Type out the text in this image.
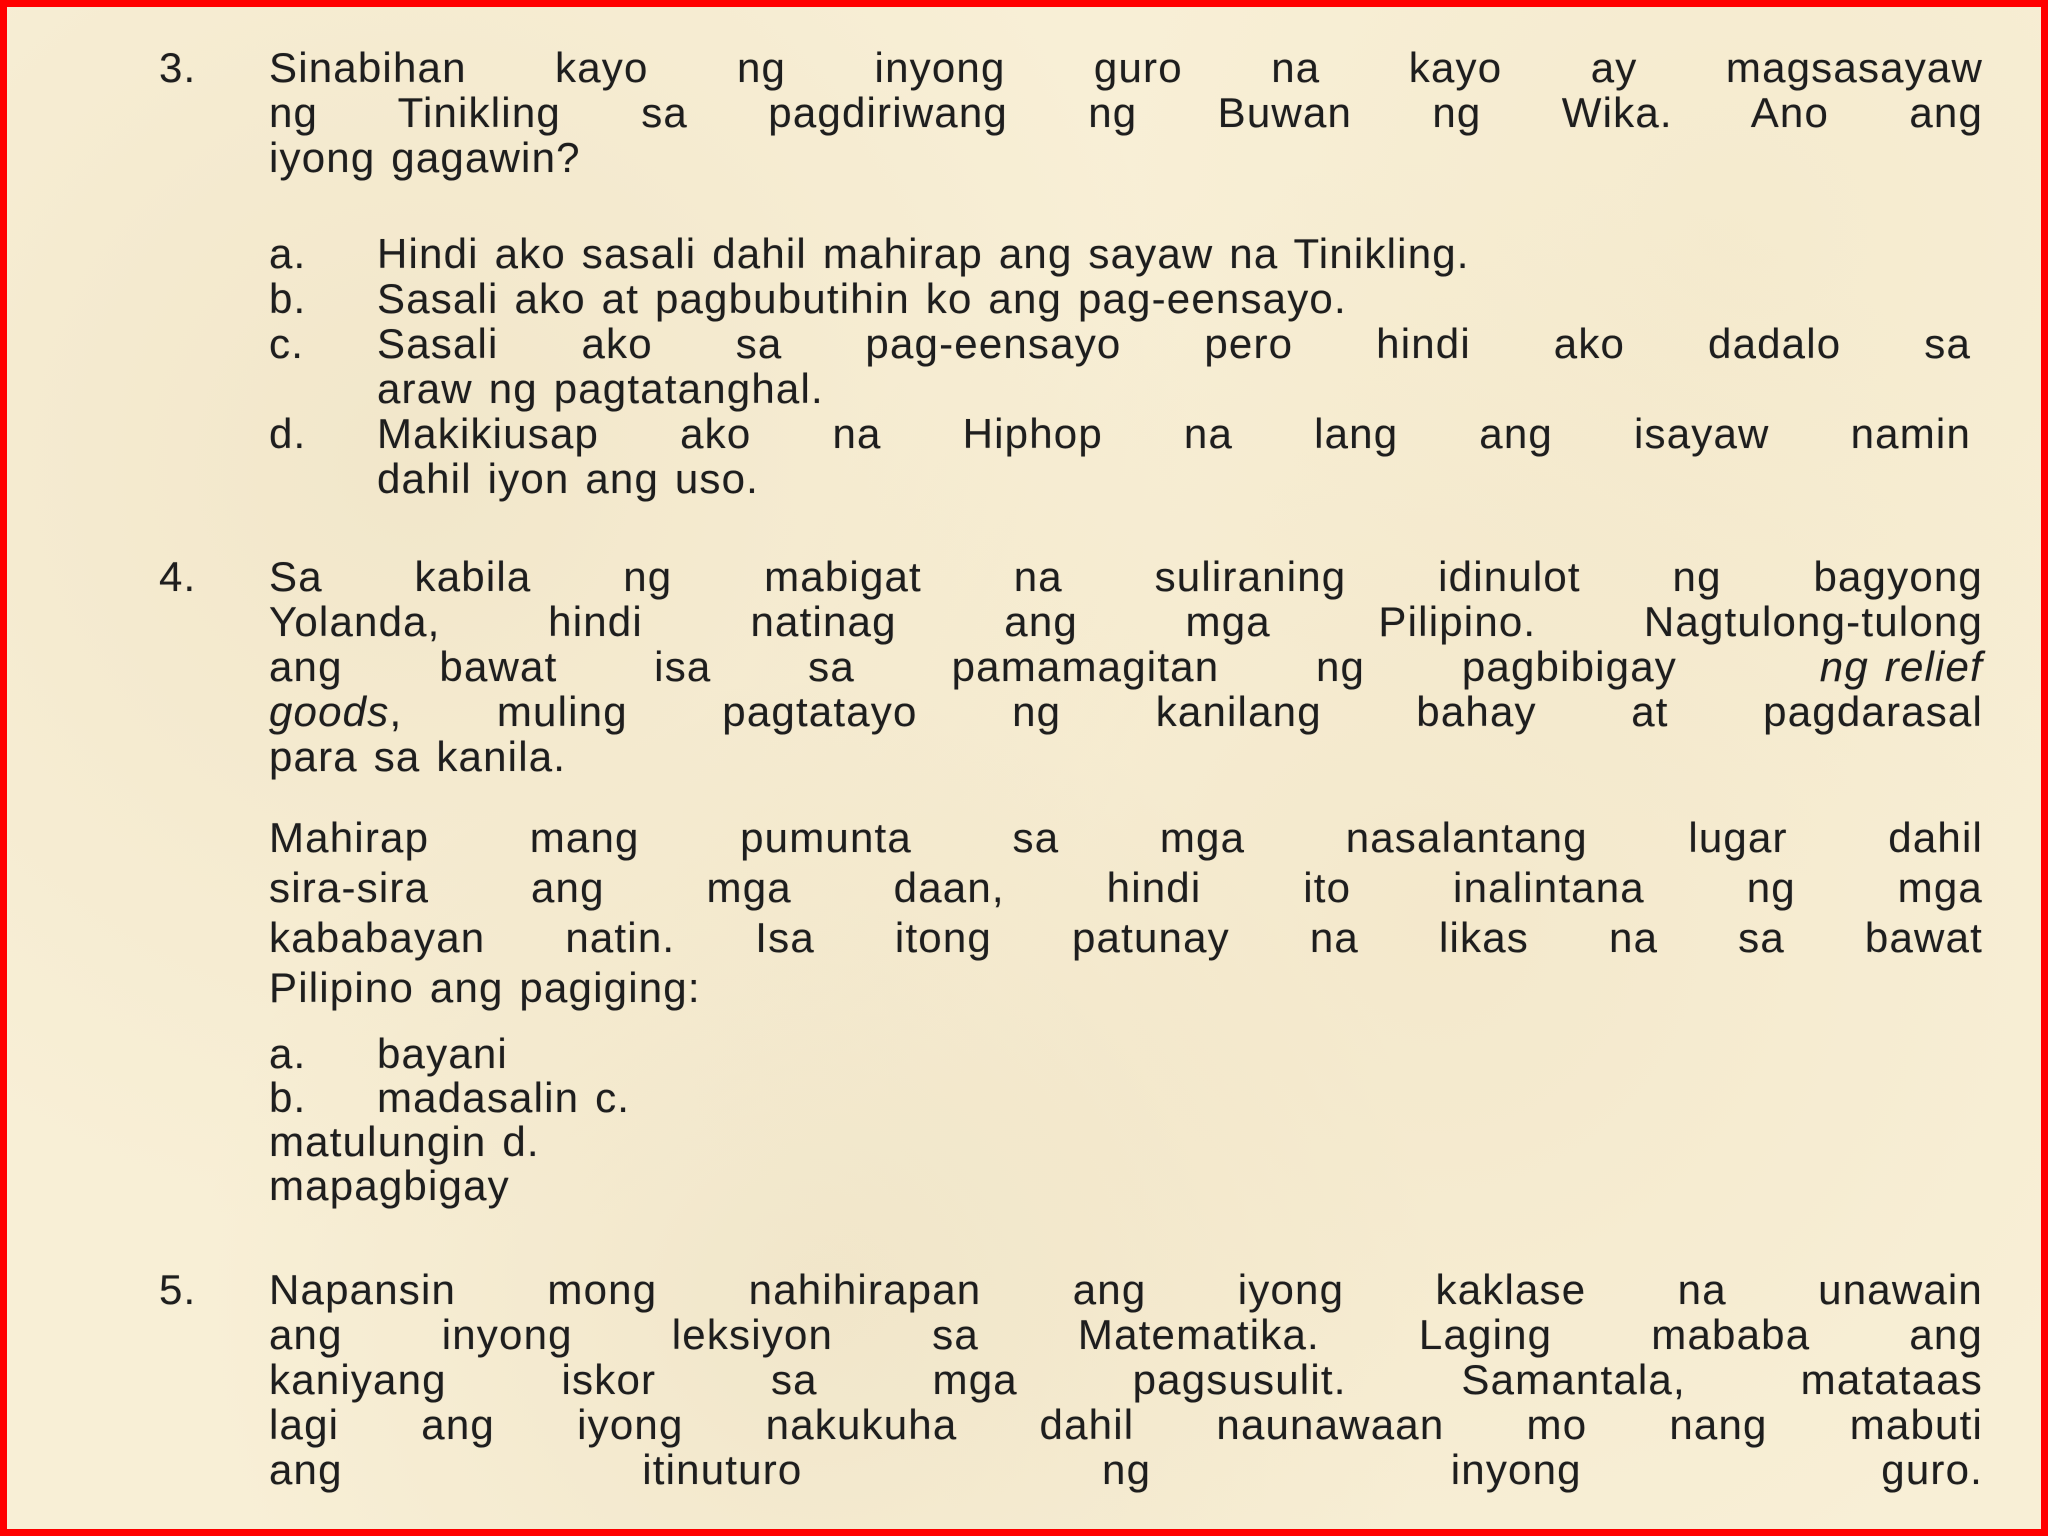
3. Sinabihan kayo ng inyong guro na kayo ay magsasayaw
ng Tinikling sa pagdiriwang ng Buwan ng Wika. Ano ang
iyong gagawin?
a. Hindi ako sasali dahil mahirap ang sayaw na Tinikling.
b. Sasali ako at pagbubutihin ko ang pag-eensayo.
c. Sasali ako sa pag-eensayo pero hindi ako dadalo sa
araw ng pagtatanghal.
d. Makikiusap ako na Hiphop na lang ang isayaw namin
dahil iyon ang uso.
4. Sa kabila ng mabigat na suliraning idinulot ng bagyong
Yolanda, hindi natinag ang mga Pilipino. Nagtulong-tulong
ang bawat isa sa pamamagitan ng pagbibigay	ng relief
goods , muling pagtatayo ng kanilang bahay at pagdarasal
para sa kanila.
Mahirap mang pumunta sa mga nasalantang lugar dahil
sira-sira ang mga daan, hindi ito inalintana ng mga
kababayan natin. Isa itong patunay na likas na sa bawat
Pilipino ang pagiging:
a. bayani
b. madasalin c.
matulungin d.
mapagbigay
5. Napansin mong nahihirapan ang iyong kaklase na unawain
ang inyong leksiyon sa Matematika. Laging mababa ang
kaniyang iskor sa mga pagsusulit. Samantala, matataas
lagi ang iyong nakukuha dahil naunawaan mo nang mabuti
ang itinuturo ng inyong guro.
